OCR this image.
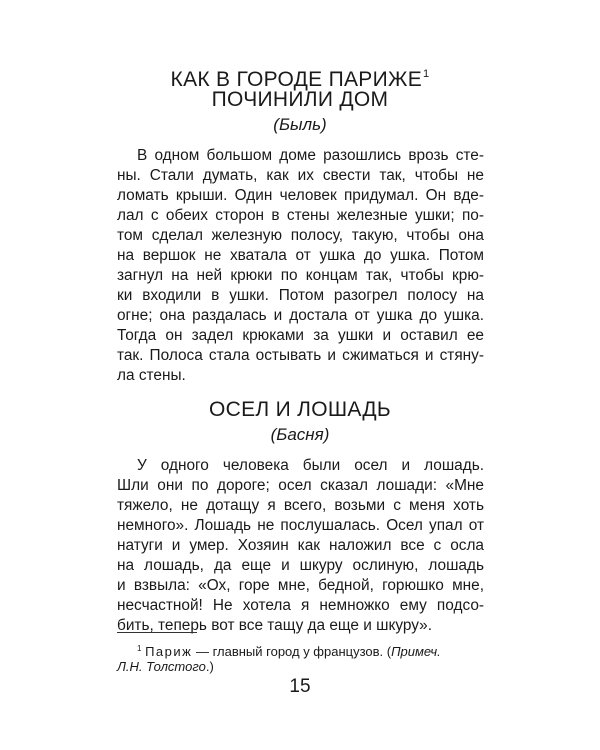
КАК В ГОРОДЕ ПАРИЖЕ$^1$
ПОЧИНИЛИ ДОМ
(Быль)
В одном большом доме разошлись врозь сте-
ны. Стали думать, как их свести так, чтобы не
ломать крыши. Один человек придумал. Он вде-
лал с обеих сторон в стены железные ушки; по-
том сделал железную полосу, такую, чтобы она
на вершок не хватала от ушка до ушка. Потом
загнул на ней крюки по концам так, чтобы крю-
ки входили в ушки. Потом разогрел полосу на
огне; она раздалась и достала от ушка до ушка.
Тогда он задел крюками за ушки и оставил ее
так. Полоса стала остывать и сжиматься и стяну-
ла стены.
ОСЕЛ И ЛОШАДЬ
(Басня)
У одного человека были осел и лошадь.
Шли они по дороге; осел сказал лошади: «Мне
тяжело, не дотащу я всего, возьми с меня хоть
немного». Лошадь не послушалась. Осел упал от
натуги и умер. Хозяин как наложил все с осла
на лошадь, да еще и шкуру ослиную, лошадь
и взвыла: «Ох, горе мне, бедной, горюшко мне,
несчастной! Не хотела я немножко ему подсо-
бить, теперь вот все тащу да еще и шкуру».
$^1$ Париж — главный город у французов. (Примеч.
Л.Н. Толстого.)
15
